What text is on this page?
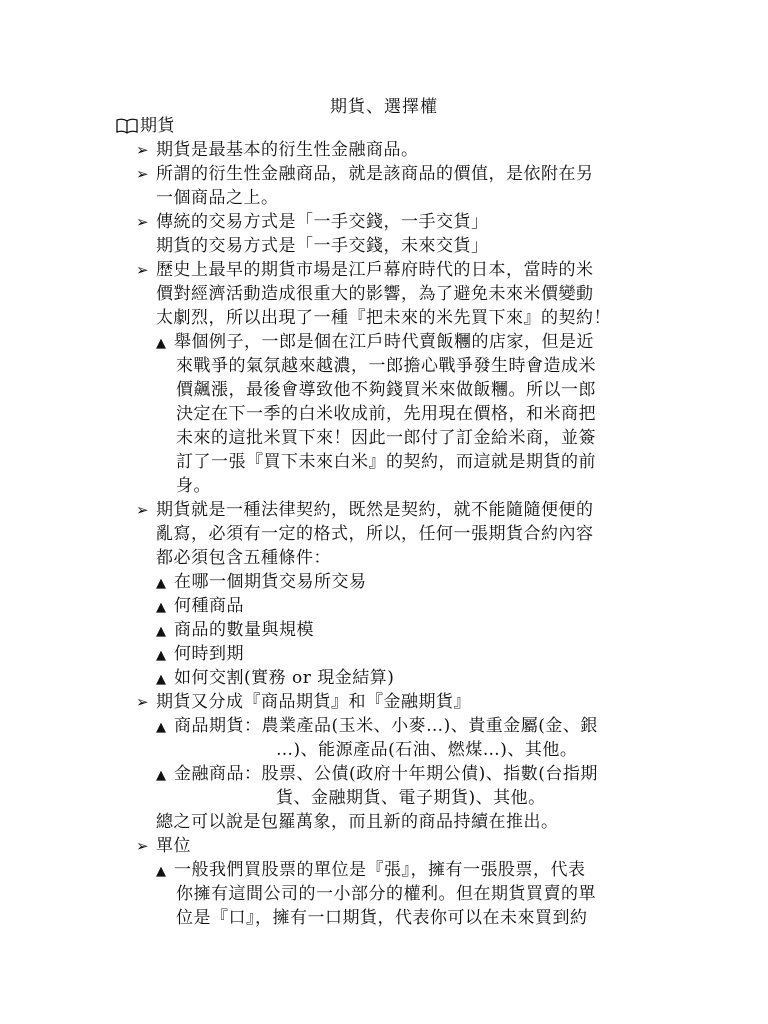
期貨、選擇權
期貨
➢ 期貨是最基本的衍生性金融商品。
➢ 所謂的衍生性金融商品，就是該商品的價值，是依附在另
一個商品之上。
➢ 傳統的交易方式是「一手交錢，一手交貨」
期貨的交易方式是「一手交錢，未來交貨」
➢ 歷史上最早的期貨市場是江戶幕府時代的日本，當時的米
價對經濟活動造成很重大的影響，為了避免未來米價變動
太劇烈，所以出現了一種『把未來的米先買下來』的契約！
▲ 舉個例子，一郎是個在江戶時代賣飯糰的店家，但是近
來戰爭的氣氛越來越濃，一郎擔心戰爭發生時會造成米
價飆漲，最後會導致他不夠錢買米來做飯糰。所以一郎
決定在下一季的白米收成前，先用現在價格，和米商把
未來的這批米買下來！因此一郎付了訂金給米商，並簽
訂了一張『買下未來白米』的契約，而這就是期貨的前
身。
➢ 期貨就是一種法律契約，既然是契約，就不能隨隨便便的
亂寫，必須有一定的格式，所以，任何一張期貨合約內容
都必須包含五種條件：
▲ 在哪一個期貨交易所交易
▲ 何種商品
▲ 商品的數量與規模
▲ 何時到期
▲ 如何交割(實務 or 現金結算)
➢ 期貨又分成『商品期貨』和『金融期貨』
▲ 商品期貨：農業產品(玉米、小麥…)、貴重金屬(金、銀
…)、能源產品(石油、燃煤…)、其他。
▲ 金融商品：股票、公債(政府十年期公債)、指數(台指期
貨、金融期貨、電子期貨)、其他。
總之可以說是包羅萬象，而且新的商品持續在推出。
➢ 單位
▲ 一般我們買股票的單位是『張』，擁有一張股票，代表
你擁有這間公司的一小部分的權利。但在期貨買賣的單
位是『口』，擁有一口期貨，代表你可以在未來買到約
